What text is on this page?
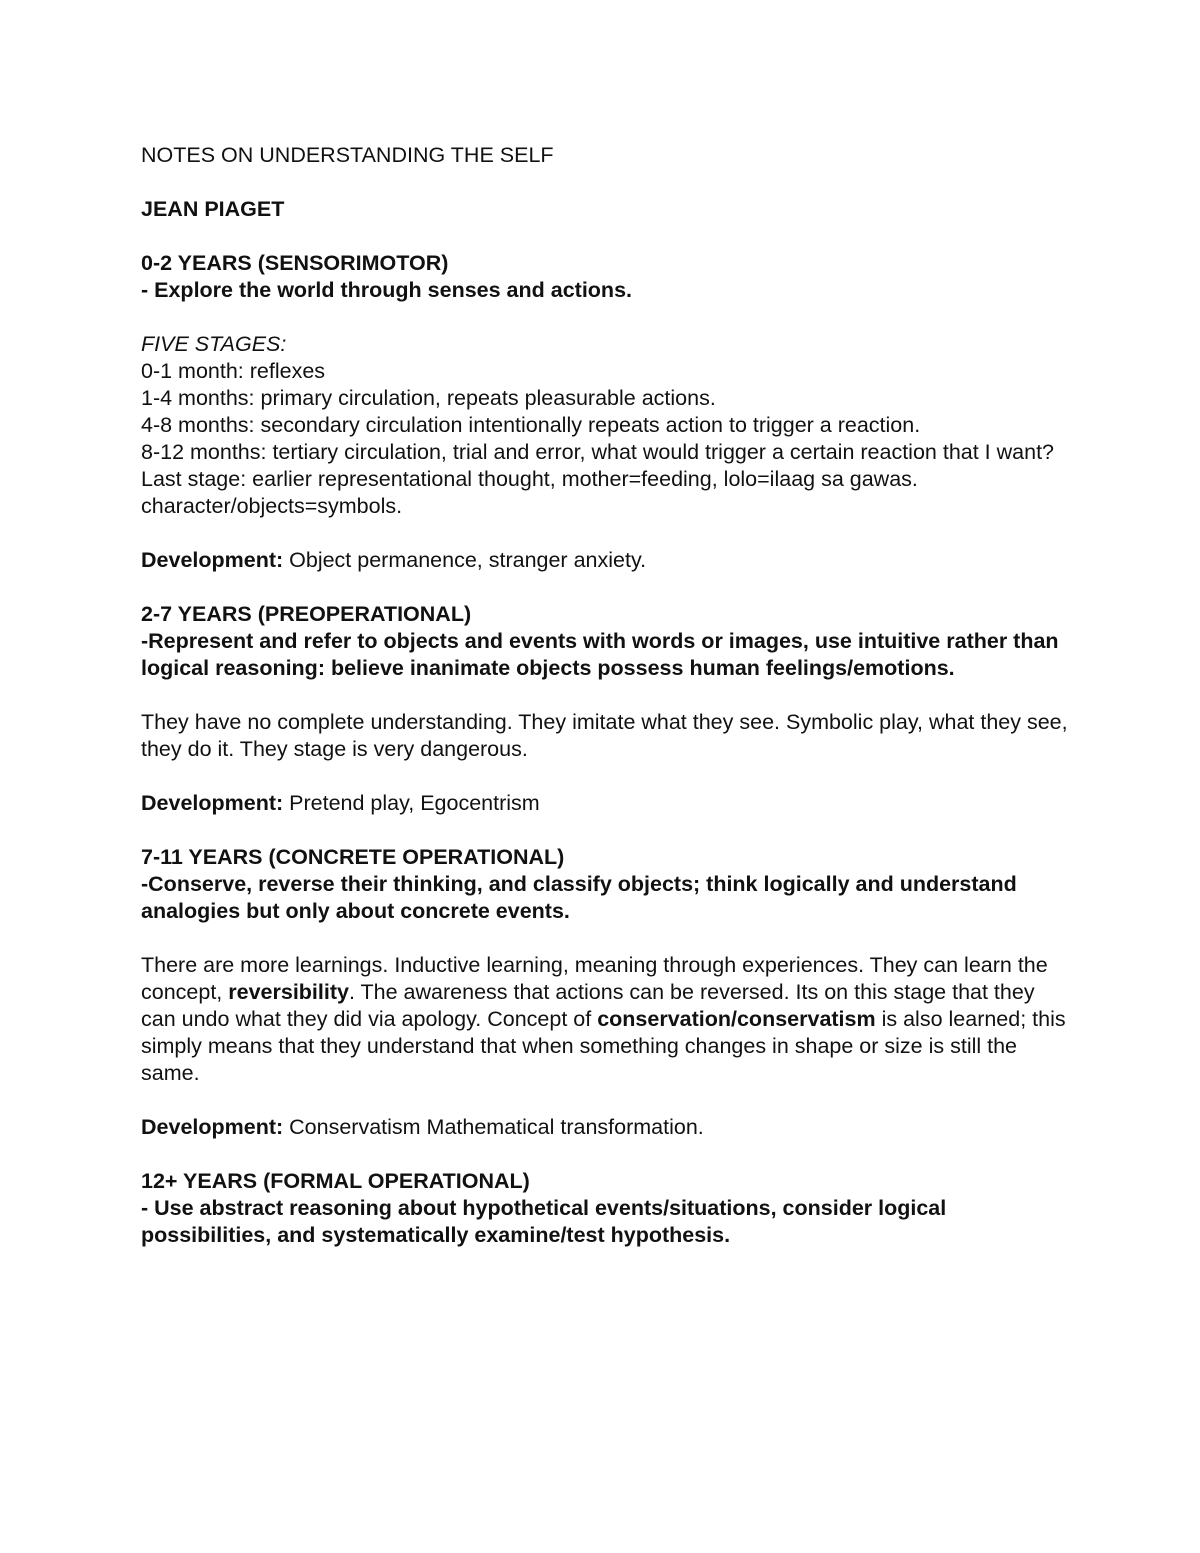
NOTES ON UNDERSTANDING THE SELF
JEAN PIAGET
0-2 YEARS (SENSORIMOTOR)
- Explore the world through senses and actions.
FIVE STAGES:
0-1 month: reflexes
1-4 months: primary circulation, repeats pleasurable actions.
4-8 months: secondary circulation intentionally repeats action to trigger a reaction.
8-12 months: tertiary circulation, trial and error, what would trigger a certain reaction that I want?
Last stage: earlier representational thought, mother=feeding, lolo=ilaag sa gawas. character/objects=symbols.
Development: Object permanence, stranger anxiety.
2-7 YEARS (PREOPERATIONAL)
-Represent and refer to objects and events with words or images, use intuitive rather than logical reasoning: believe inanimate objects possess human feelings/emotions.
They have no complete understanding. They imitate what they see. Symbolic play, what they see, they do it. They stage is very dangerous.
Development: Pretend play, Egocentrism
7-11 YEARS (CONCRETE OPERATIONAL)
-Conserve, reverse their thinking, and classify objects; think logically and understand analogies but only about concrete events.
There are more learnings. Inductive learning, meaning through experiences. They can learn the concept, reversibility. The awareness that actions can be reversed. Its on this stage that they can undo what they did via apology. Concept of conservation/conservatism is also learned; this simply means that they understand that when something changes in shape or size is still the same.
Development: Conservatism Mathematical transformation.
12+ YEARS (FORMAL OPERATIONAL)
- Use abstract reasoning about hypothetical events/situations, consider logical possibilities, and systematically examine/test hypothesis.
